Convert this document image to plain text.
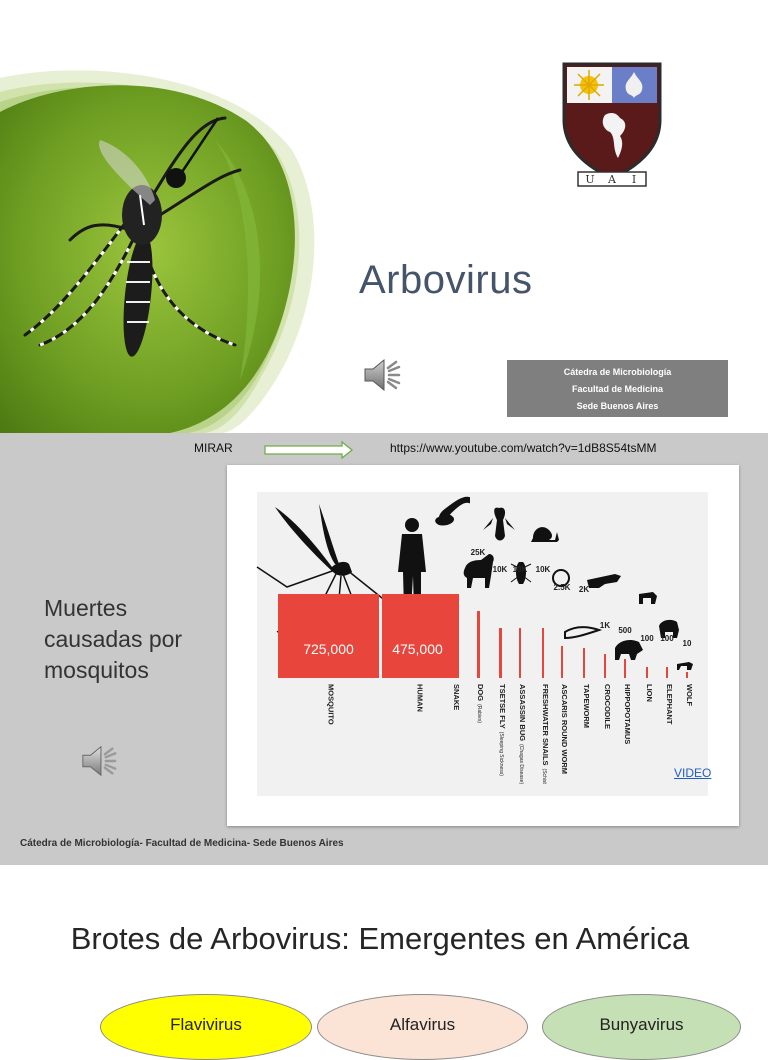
Arbovirus
U A I
Cátedra de Microbiología
Facultad de Medicina
Sede Buenos Aires
MIRAR	https://www.youtube.com/watch?v=1dB8S54tsMM
Muertes causadas por mosquitos
725,000	475,000
25K
10K 10K 10K
2.5K 2K
1K
500
100 100
10
MOSQUITO	HUMAN	SNAKE DOG(Rabies)	TSETSE FLY(Sleeping Sickness)
ASSASSIN BUG(Chagas Disease)	FRESHWATER SNAILS(Schist
ASCARIS ROUND WORM TAPEWORM CROCODILE HIPPOPOTAMUS LION ELEPHANT WOLF
VIDEO
Cátedra de Microbiología- Facultad de Medicina- Sede Buenos Aires
Brotes de Arbovirus: Emergentes en América
Flavivirus	Alfavirus	Bunyavirus
